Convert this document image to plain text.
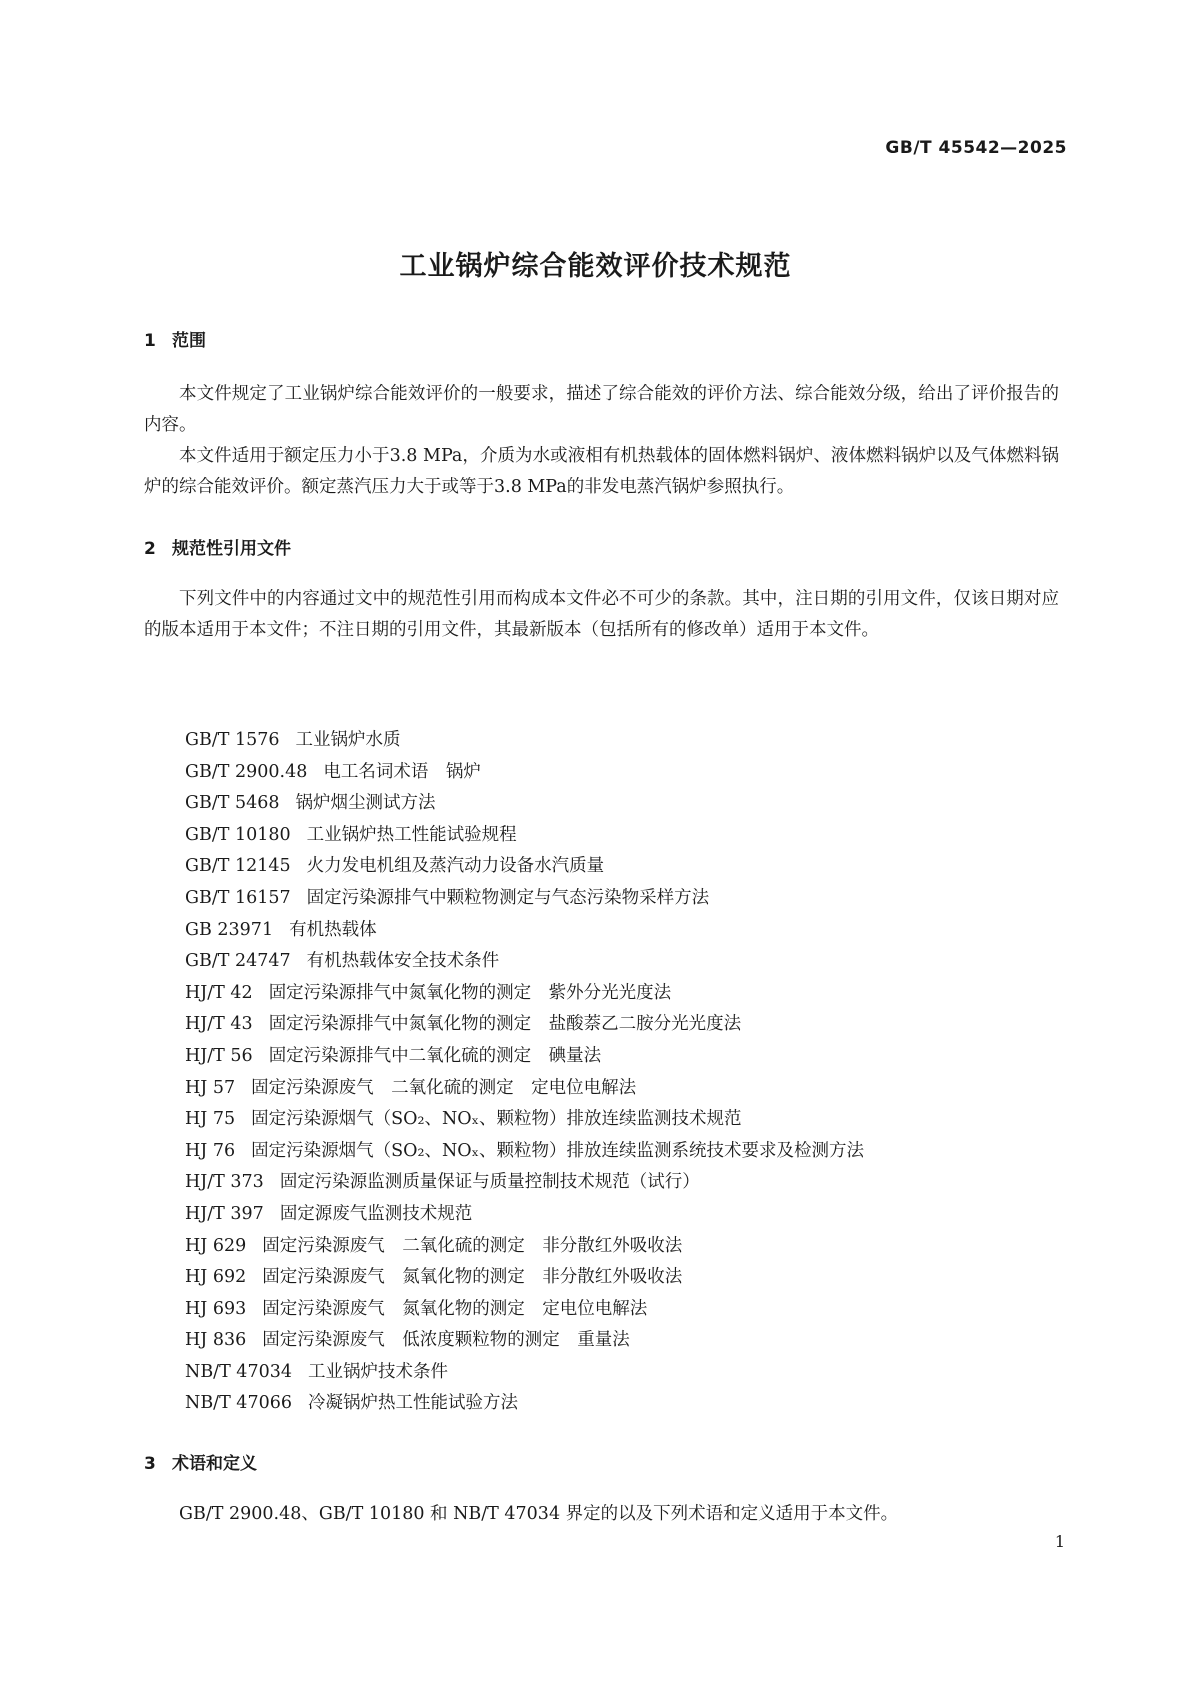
GB/T 45542—2025
工业锅炉综合能效评价技术规范
1 范围

本文件规定了工业锅炉综合能效评价的一般要求，描述了综合能效的评价方法、综合能效分级，给出了评价报告的内容。

本文件适用于额定压力小于3.8 MPa，介质为水或液相有机热载体的固体燃料锅炉、液体燃料锅炉以及气体燃料锅炉的综合能效评价。额定蒸汽压力大于或等于3.8 MPa的非发电蒸汽锅炉参照执行。

2 规范性引用文件

下列文件中的内容通过文中的规范性引用而构成本文件必不可少的条款。其中，注日期的引用文件，仅该日期对应的版本适用于本文件；不注日期的引用文件，其最新版本（包括所有的修改单）适用于本文件。

GB/T 1576 工业锅炉水质
GB/T 2900.48 电工名词术语　锅炉
GB/T 5468 锅炉烟尘测试方法
GB/T 10180 工业锅炉热工性能试验规程
GB/T 12145 火力发电机组及蒸汽动力设备水汽质量
GB/T 16157 固定污染源排气中颗粒物测定与气态污染物采样方法
GB 23971 有机热载体
GB/T 24747 有机热载体安全技术条件
HJ/T 42 固定污染源排气中氮氧化物的测定　紫外分光光度法
HJ/T 43 固定污染源排气中氮氧化物的测定　盐酸萘乙二胺分光光度法
HJ/T 56 固定污染源排气中二氧化硫的测定　碘量法
HJ 57 固定污染源废气　二氧化硫的测定　定电位电解法
HJ 75 固定污染源烟气（SO₂、NOₓ、颗粒物）排放连续监测技术规范
HJ 76 固定污染源烟气（SO₂、NOₓ、颗粒物）排放连续监测系统技术要求及检测方法
HJ/T 373 固定污染源监测质量保证与质量控制技术规范（试行）
HJ/T 397 固定源废气监测技术规范
HJ 629 固定污染源废气　二氧化硫的测定　非分散红外吸收法
HJ 692 固定污染源废气　氮氧化物的测定　非分散红外吸收法
HJ 693 固定污染源废气　氮氧化物的测定　定电位电解法
HJ 836 固定污染源废气　低浓度颗粒物的测定　重量法
NB/T 47034 工业锅炉技术条件
NB/T 47066 冷凝锅炉热工性能试验方法
3 术语和定义

GB/T 2900.48、GB/T 10180 和 NB/T 47034 界定的以及下列术语和定义适用于本文件。

1
